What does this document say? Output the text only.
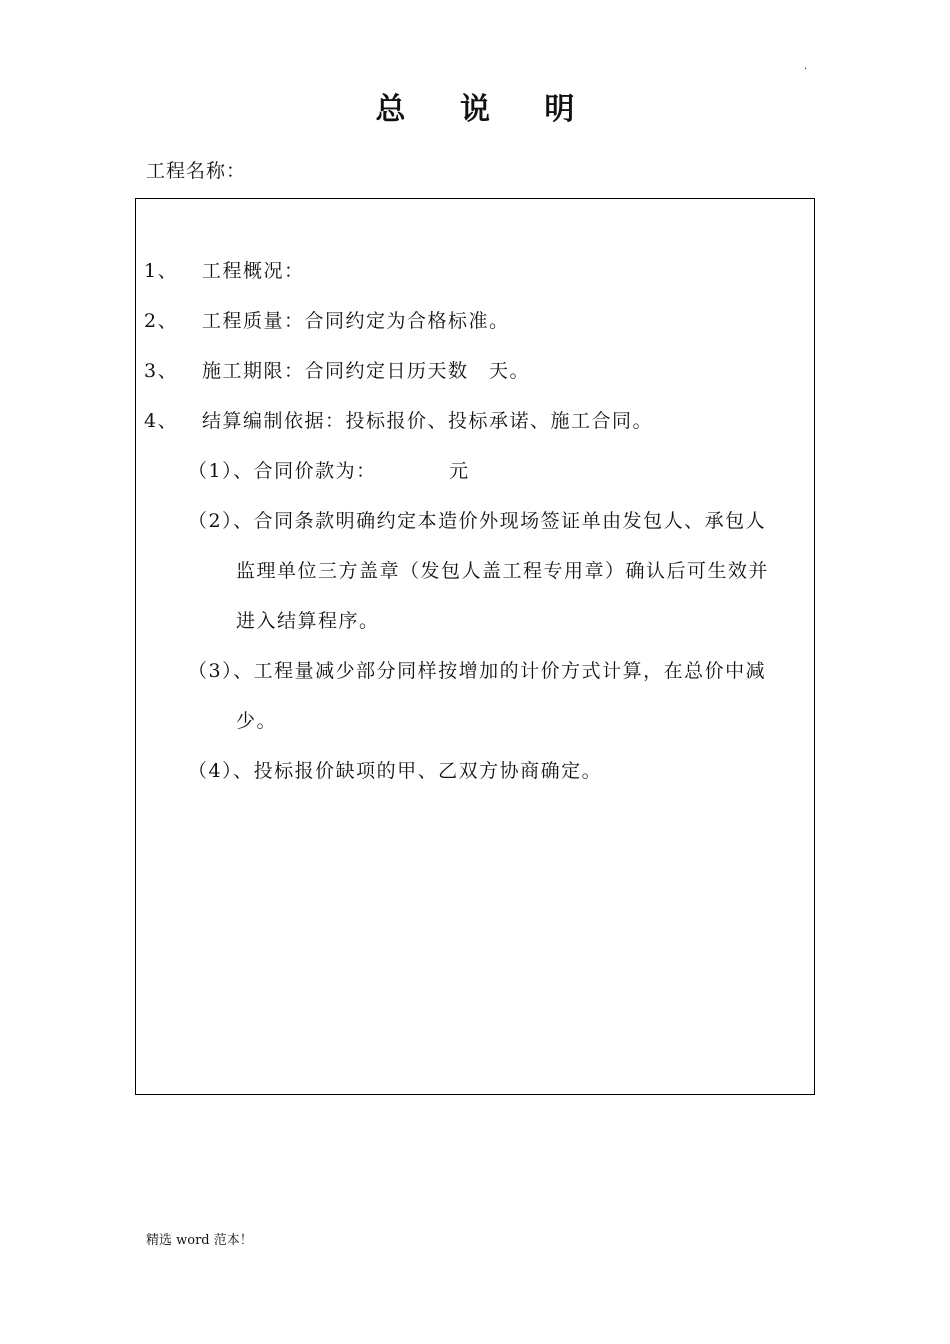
.
总 说 明
工程名称：
1、 工程概况：
2、 工程质量：合同约定为合格标准。
3、 施工期限：合同约定日历天数　天。
4、 结算编制依据：投标报价、投标承诺、施工合同。
（1）、合同价款为：　　　　元
（2）、合同条款明确约定本造价外现场签证单由发包人、承包人
监理单位三方盖章（发包人盖工程专用章）确认后可生效并
进入结算程序。
（3）、工程量减少部分同样按增加的计价方式计算，在总价中减
少。
（4）、投标报价缺项的甲、乙双方协商确定。
精选 word 范本！
